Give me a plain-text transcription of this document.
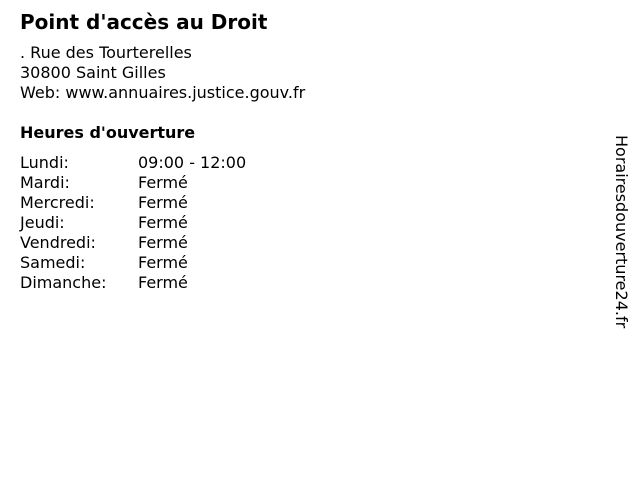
Point d'accès au Droit
. Rue des Tourterelles
30800 Saint Gilles
Web: www.annuaires.justice.gouv.fr
Heures d'ouverture
Lundi:	09:00 - 12:00
Mardi:	Fermé
Mercredi:	Fermé
Jeudi:	Fermé
Vendredi:	Fermé
Samedi:	Fermé
Dimanche:	Fermé	Horairesdouverture24.fr
